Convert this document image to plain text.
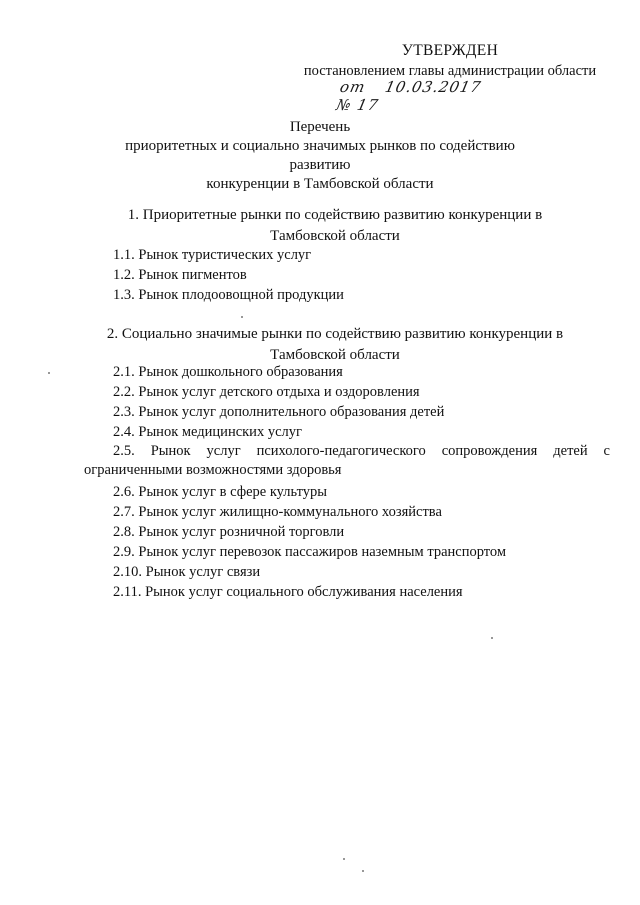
УТВЕРЖДЕН
постановлением главы администрации области
от 10.03.2017 № 17
Перечень
приоритетных и социально значимых рынков по содействию развитию
конкуренции в Тамбовской области
1. Приоритетные рынки по содействию развитию конкуренции в
Тамбовской области
1.1. Рынок туристических услуг
1.2. Рынок пигментов
1.3. Рынок плодоовощной продукции
2. Социально значимые рынки по содействию развитию конкуренции в
Тамбовской области
2.1. Рынок дошкольного образования
2.2. Рынок услуг детского отдыха и оздоровления
2.3. Рынок услуг дополнительного образования детей
2.4. Рынок медицинских услуг
2.5. Рынок услуг психолого-педагогического сопровождения детей с
ограниченными возможностями здоровья
2.6. Рынок услуг в сфере культуры
2.7. Рынок услуг жилищно-коммунального хозяйства
2.8. Рынок услуг розничной торговли
2.9. Рынок услуг перевозок пассажиров наземным транспортом
2.10. Рынок услуг связи
2.11. Рынок услуг социального обслуживания населения
